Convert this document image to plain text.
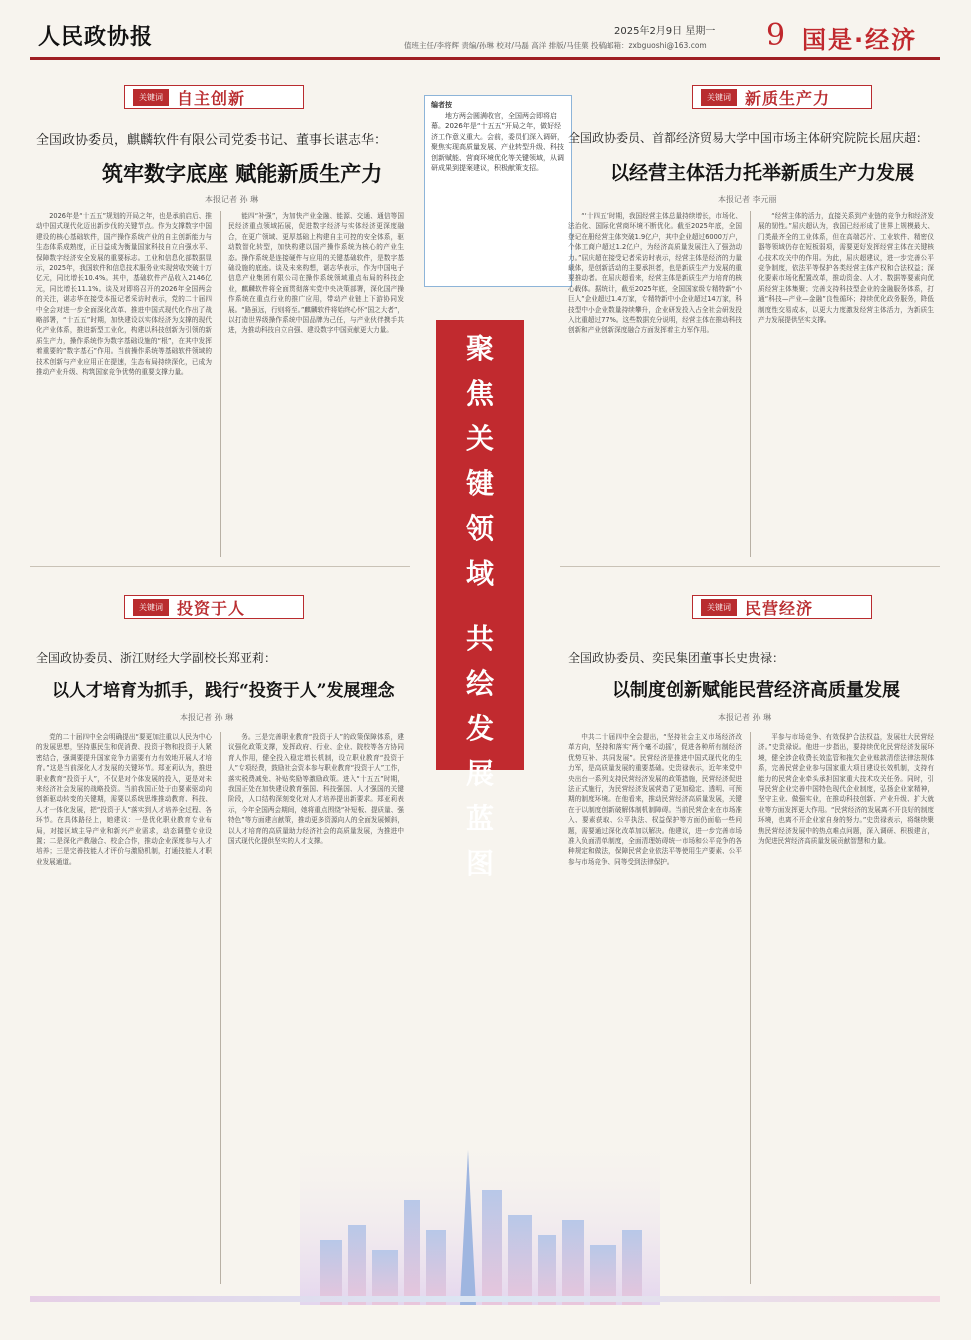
人民政协报	2025年2月9日 星期一
值班主任/李将辉 责编/孙琳 校对/马磊 高洋 排版/马佳菓 投稿邮箱：zxbguoshi@163.com 9 国是·经济
关键词 自主创新
全国政协委员，麒麟软件有限公司党委书记、董事长谌志华：
筑牢数字底座 赋能新质生产力
本报记者 孙 琳

2026年是“十五五”规划的开局之年，也是承前启后、推动中国式现代化迈出新步伐的关键节点。作为支撑数字中国建设的核心基础软件，国产操作系统产业的自主创新能力与生态体系成熟度，正日益成为衡量国家科技自立自强水平、保障数字经济安全发展的重要标志。工业和信息化部数据显示，2025年，我国软件和信息技术服务业实现营收突破十万亿元，同比增长10.4%。其中，基础软件产品收入2146亿元，同比增长11.1%。谈及对即将召开的2026年全国两会的关注，谌志华在接受本报记者采访时表示，党的二十届四中全会对进一步全面深化改革、推进中国式现代化作出了战略部署，“十五五”时期，加快建设以实体经济为支撑的现代化产业体系，推进新型工业化，构建以科技创新为引领的新质生产力，操作系统作为数字基础设施的“根”，在其中发挥着重要的“数字基石”作用。当前操作系统等基础软件领域的技术创新与产业应用正在提速，生态布局持续深化，已成为推动产业升级、构筑国家竞争优势的重要支撑力量。

能四“补强”，为加快产业金融、能源、交通、通信等国民经济重点领域拓展，促进数字经济与实体经济更深度融合，在更广领域、更厚基础上构建自主可控的安全体系，驱动数智化转型，加快构建以国产操作系统为核心的产业生态。操作系统是连接硬件与应用的关键基础软件，是数字基础设施的底座。谈及未来构想，谌志华表示，作为中国电子信息产业集团有限公司在操作系统领域重点布局的科技企业，麒麟软件将全面贯彻落实党中央决策部署，深化国产操作系统在重点行业的推广应用，带动产业链上下游协同发展。“路虽远，行则将至。”麒麟软件将始终心怀“国之大者”，以打造世界级操作系统中国品牌为己任，与产业伙伴携手共进，为推动科技自立自强、建设数字中国贡献更大力量。

编者按
地方两会圆满收官，全国两会即将启幕。2026年是“十五五”开局之年，做好经济工作意义重大。会前，委员们深入调研，聚焦实现高质量发展、产业转型升级、科技创新赋能、营商环境优化等关键领域，从调研成果到提案建议，积极献策支招。
聚
焦
关
键
领
域
共
绘
发
展
蓝
图
关键词 新质生产力
全国政协委员、首都经济贸易大学中国市场主体研究院院长屈庆超：
以经营主体活力托举新质生产力发展
本报记者 李元丽

“‘十四五’时期，我国经营主体总量持续增长，市场化、法治化、国际化营商环境不断优化。截至2025年底，全国登记在册经营主体突破1.9亿户，其中企业超过6000万户，个体工商户超过1.2亿户，为经济高质量发展注入了强劲动力。”屈庆超在接受记者采访时表示，经营主体是经济的力量载体，是创新活动的主要承担者，也是新质生产力发展的重要推动者。在屈庆超看来，经营主体是新质生产力培育的核心载体。据统计，截至2025年底，全国国家级专精特新“小巨人”企业超过1.4万家，专精特新中小企业超过14万家，科技型中小企业数量持续攀升，企业研发投入占全社会研发投入比重超过77%。这些数据充分说明，经营主体在推动科技创新和产业创新深度融合方面发挥着主力军作用。

“经营主体的活力，直接关系到产业链的竞争力和经济发展的韧性。”屈庆超认为，我国已经形成了世界上规模最大、门类最齐全的工业体系，但在高端芯片、工业软件、精密仪器等领域仍存在短板弱项，需要更好发挥经营主体在关键核心技术攻关中的作用。为此，屈庆超建议，进一步完善公平竞争制度，依法平等保护各类经营主体产权和合法权益；深化要素市场化配置改革，推动资金、人才、数据等要素向优质经营主体集聚；完善支持科技型企业的金融服务体系，打通“科技—产业—金融”良性循环；持续优化政务服务，降低制度性交易成本，以更大力度激发经营主体活力，为新质生产力发展提供坚实支撑。

关键词 投资于人
全国政协委员、浙江财经大学副校长郑亚莉：
以人才培育为抓手，践行“投资于人”发展理念
本报记者 孙 琳

党的二十届四中全会明确提出“要更加注重以人民为中心的发展思想，坚持惠民生和促消费、投资于物和投资于人紧密结合，强调要提升国家竞争力需要有力有效地开展人才培育。”这是当前深化人才发展的关键环节。郑亚莉认为，推进职业教育“投资于人”，不仅是对个体发展的投入，更是对未来经济社会发展的战略投资。当前我国正处于由要素驱动向创新驱动转变的关键期，需要以系统思维推动教育、科技、人才一体化发展，把“投资于人”落实到人才培养全过程、各环节。在具体路径上，她建议：一是优化职业教育专业布局，对接区域主导产业和新兴产业需求，动态调整专业设置；二是深化产教融合、校企合作，推动企业深度参与人才培养；三是完善技能人才评价与激励机制，打通技能人才职业发展通道。

务。三是完善职业教育“投资于人”的政策保障体系，建议强化政策支撑，发挥政府、行业、企业、院校等各方协同育人作用，健全投入稳定增长机制，设立职业教育“投资于人”专项经费，鼓励社会资本参与职业教育“投资于人”工作，落实税费减免、补贴奖励等激励政策。进入“十五五”时期，我国正处在加快建设教育强国、科技强国、人才强国的关键阶段，人口结构深刻变化对人才培养提出新要求。郑亚莉表示，今年全国两会期间，她将重点围绕“补短板、提质量、强特色”等方面建言献策，推动更多资源向人的全面发展倾斜，以人才培育的高质量助力经济社会的高质量发展，为推进中国式现代化提供坚实的人才支撑。

关键词 民营经济
全国政协委员、奕民集团董事长史贵禄：
以制度创新赋能民营经济高质量发展
本报记者 孙 琳

中共二十届四中全会提出，“坚持社会主义市场经济改革方向，坚持和落实‘两个毫不动摇’，促进各种所有制经济优势互补、共同发展”。民营经济是推进中国式现代化的生力军，是高质量发展的重要基础。史贵禄表示，近年来党中央出台一系列支持民营经济发展的政策措施，民营经济促进法正式施行，为民营经济发展营造了更加稳定、透明、可预期的制度环境。在他看来，推动民营经济高质量发展，关键在于以制度创新破解体制机制障碍。当前民营企业在市场准入、要素获取、公平执法、权益保护等方面仍面临一些问题，需要通过深化改革加以解决。他建议，进一步完善市场准入负面清单制度，全面清理妨碍统一市场和公平竞争的各种规定和做法，保障民营企业依法平等使用生产要素、公平参与市场竞争、同等受到法律保护。

平参与市场竞争、有效保护合法权益，发展壮大民营经济。”史贵禄说。他进一步指出，要持续优化民营经济发展环境，健全涉企收费长效监管和拖欠企业账款清偿法律法规体系，完善民营企业参与国家重大项目建设长效机制，支持有能力的民营企业牵头承担国家重大技术攻关任务。同时，引导民营企业完善中国特色现代企业制度，弘扬企业家精神，坚守主业、做强实业，在推动科技创新、产业升级、扩大就业等方面发挥更大作用。“民营经济的发展离不开良好的制度环境，也离不开企业家自身的努力。”史贵禄表示，将继续聚焦民营经济发展中的热点难点问题，深入调研、积极建言，为促进民营经济高质量发展贡献智慧和力量。
